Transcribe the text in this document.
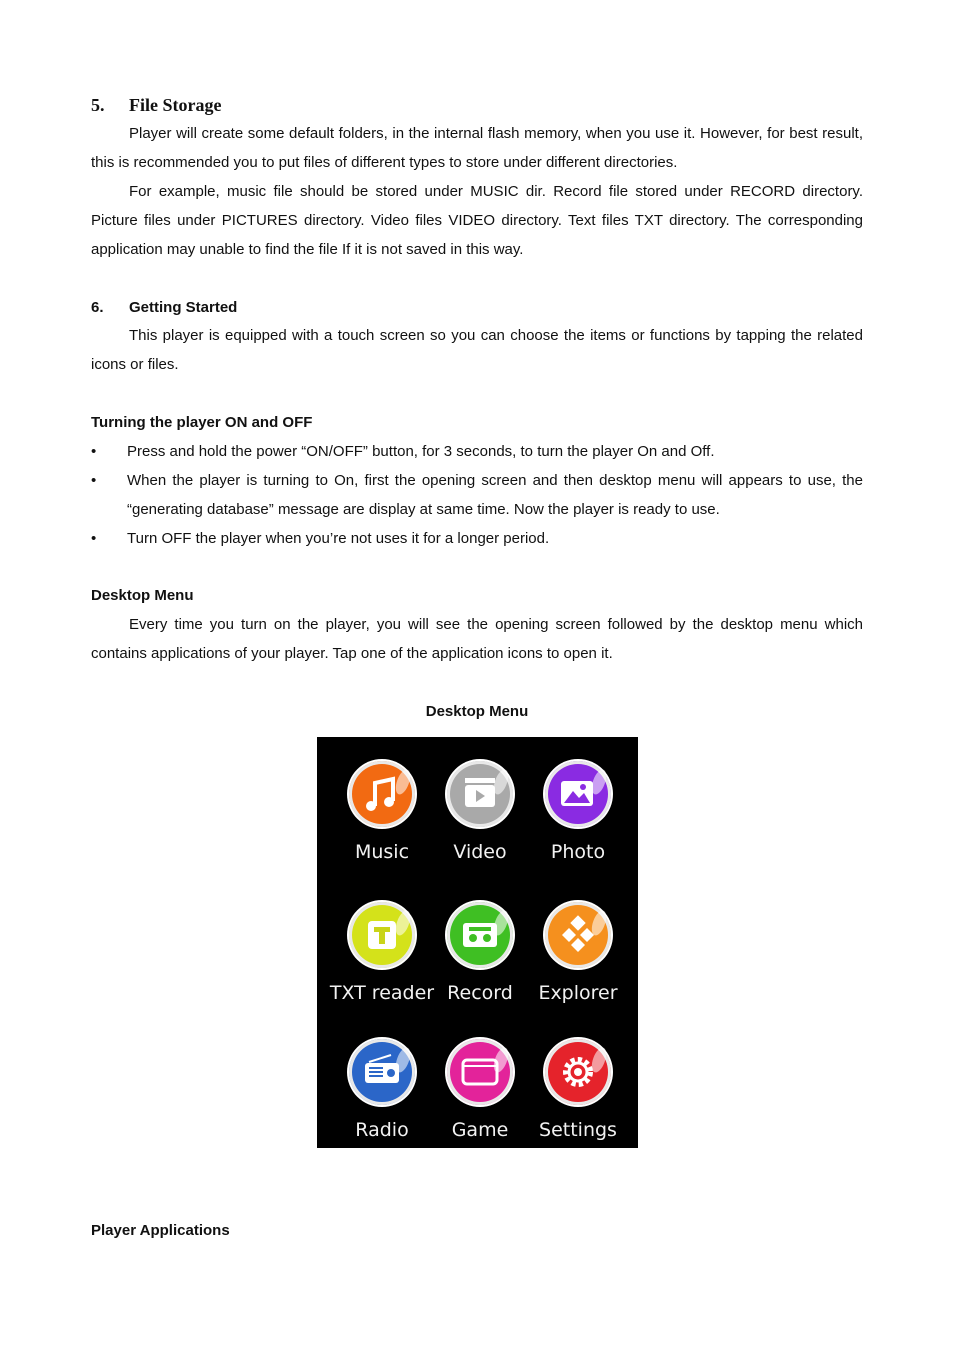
5. File Storage
Player will create some default folders, in the internal flash memory, when you use it. However, for best result, this is recommended you to put files of different types to store under different directories.
For example, music file should be stored under MUSIC dir. Record file stored under RECORD directory. Picture files under PICTURES directory. Video files VIDEO directory. Text files TXT directory. The corresponding application may unable to find the file If it is not saved in this way.
6. Getting Started
This player is equipped with a touch screen so you can choose the items or functions by tapping the related icons or files.
Turning the player ON and OFF
•	Press and hold the power “ON/OFF” button, for 3 seconds, to turn the player On and Off.
•	When the player is turning to On, first the opening screen and then desktop menu will appears to use, the “generating database” message are display at same time. Now the player is ready to use.
•	Turn OFF the player when you’re not uses it for a longer period.
Desktop Menu
Every time you turn on the player, you will see the opening screen followed by the desktop menu which contains applications of your player. Tap one of the application icons to open it.
Desktop Menu
Player Applications
Music	Video	Photo
TXT reader Record	Explorer
Radio	Game	Settings
